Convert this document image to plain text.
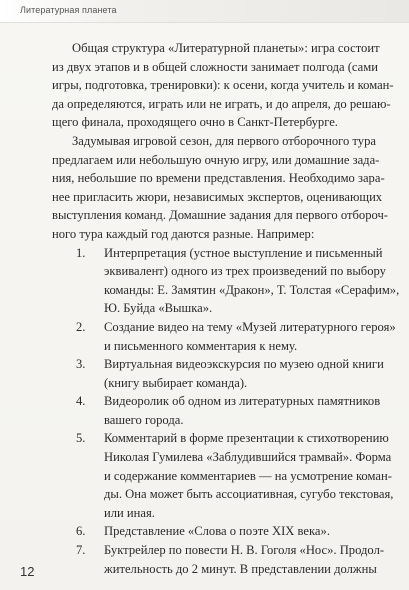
Литературная планета

Общая структура «Литературной планеты»: игра состоит
из двух этапов и в общей сложности занимает полгода (сами
игры, подготовка, тренировки): к осени, когда учитель и коман-
да определяются, играть или не играть, и до апреля, до решаю-
щего финала, проходящего очно в Санкт-Петербурге.

Задумывая игровой сезон, для первого отборочного тура
предлагаем или небольшую очную игру, или домашние зада-
ния, небольшие по времени представления. Необходимо зара-
нее пригласить жюри, независимых экспертов, оценивающих
выступления команд. Домашние задания для первого отбороч-
ного тура каждый год даются разные. Например:

1. Интерпретация (устное выступление и письменный
эквивалент) одного из трех произведений по выбору
команды: Е. Замятин «Дракон», Т. Толстая «Серафим»,
Ю. Буйда «Вышка».
2. Создание видео на тему «Музей литературного героя»
и письменного комментария к нему.
3. Виртуальная видеоэкскурсия по музею одной книги
(книгу выбирает команда).
4. Видеоролик об одном из литературных памятников
вашего города.
5. Комментарий в форме презентации к стихотворению
Николая Гумилева «Заблудившийся трамвай». Форма
и содержание комментариев — на усмотрение коман-
ды. Она может быть ассоциативная, сугубо текстовая,
или иная.
6. Представление «Слова о поэте XIX века».
7. Буктрейлер по повести Н. В. Гоголя «Нос». Продол-
жительность до 2 минут. В представлении должны
12
